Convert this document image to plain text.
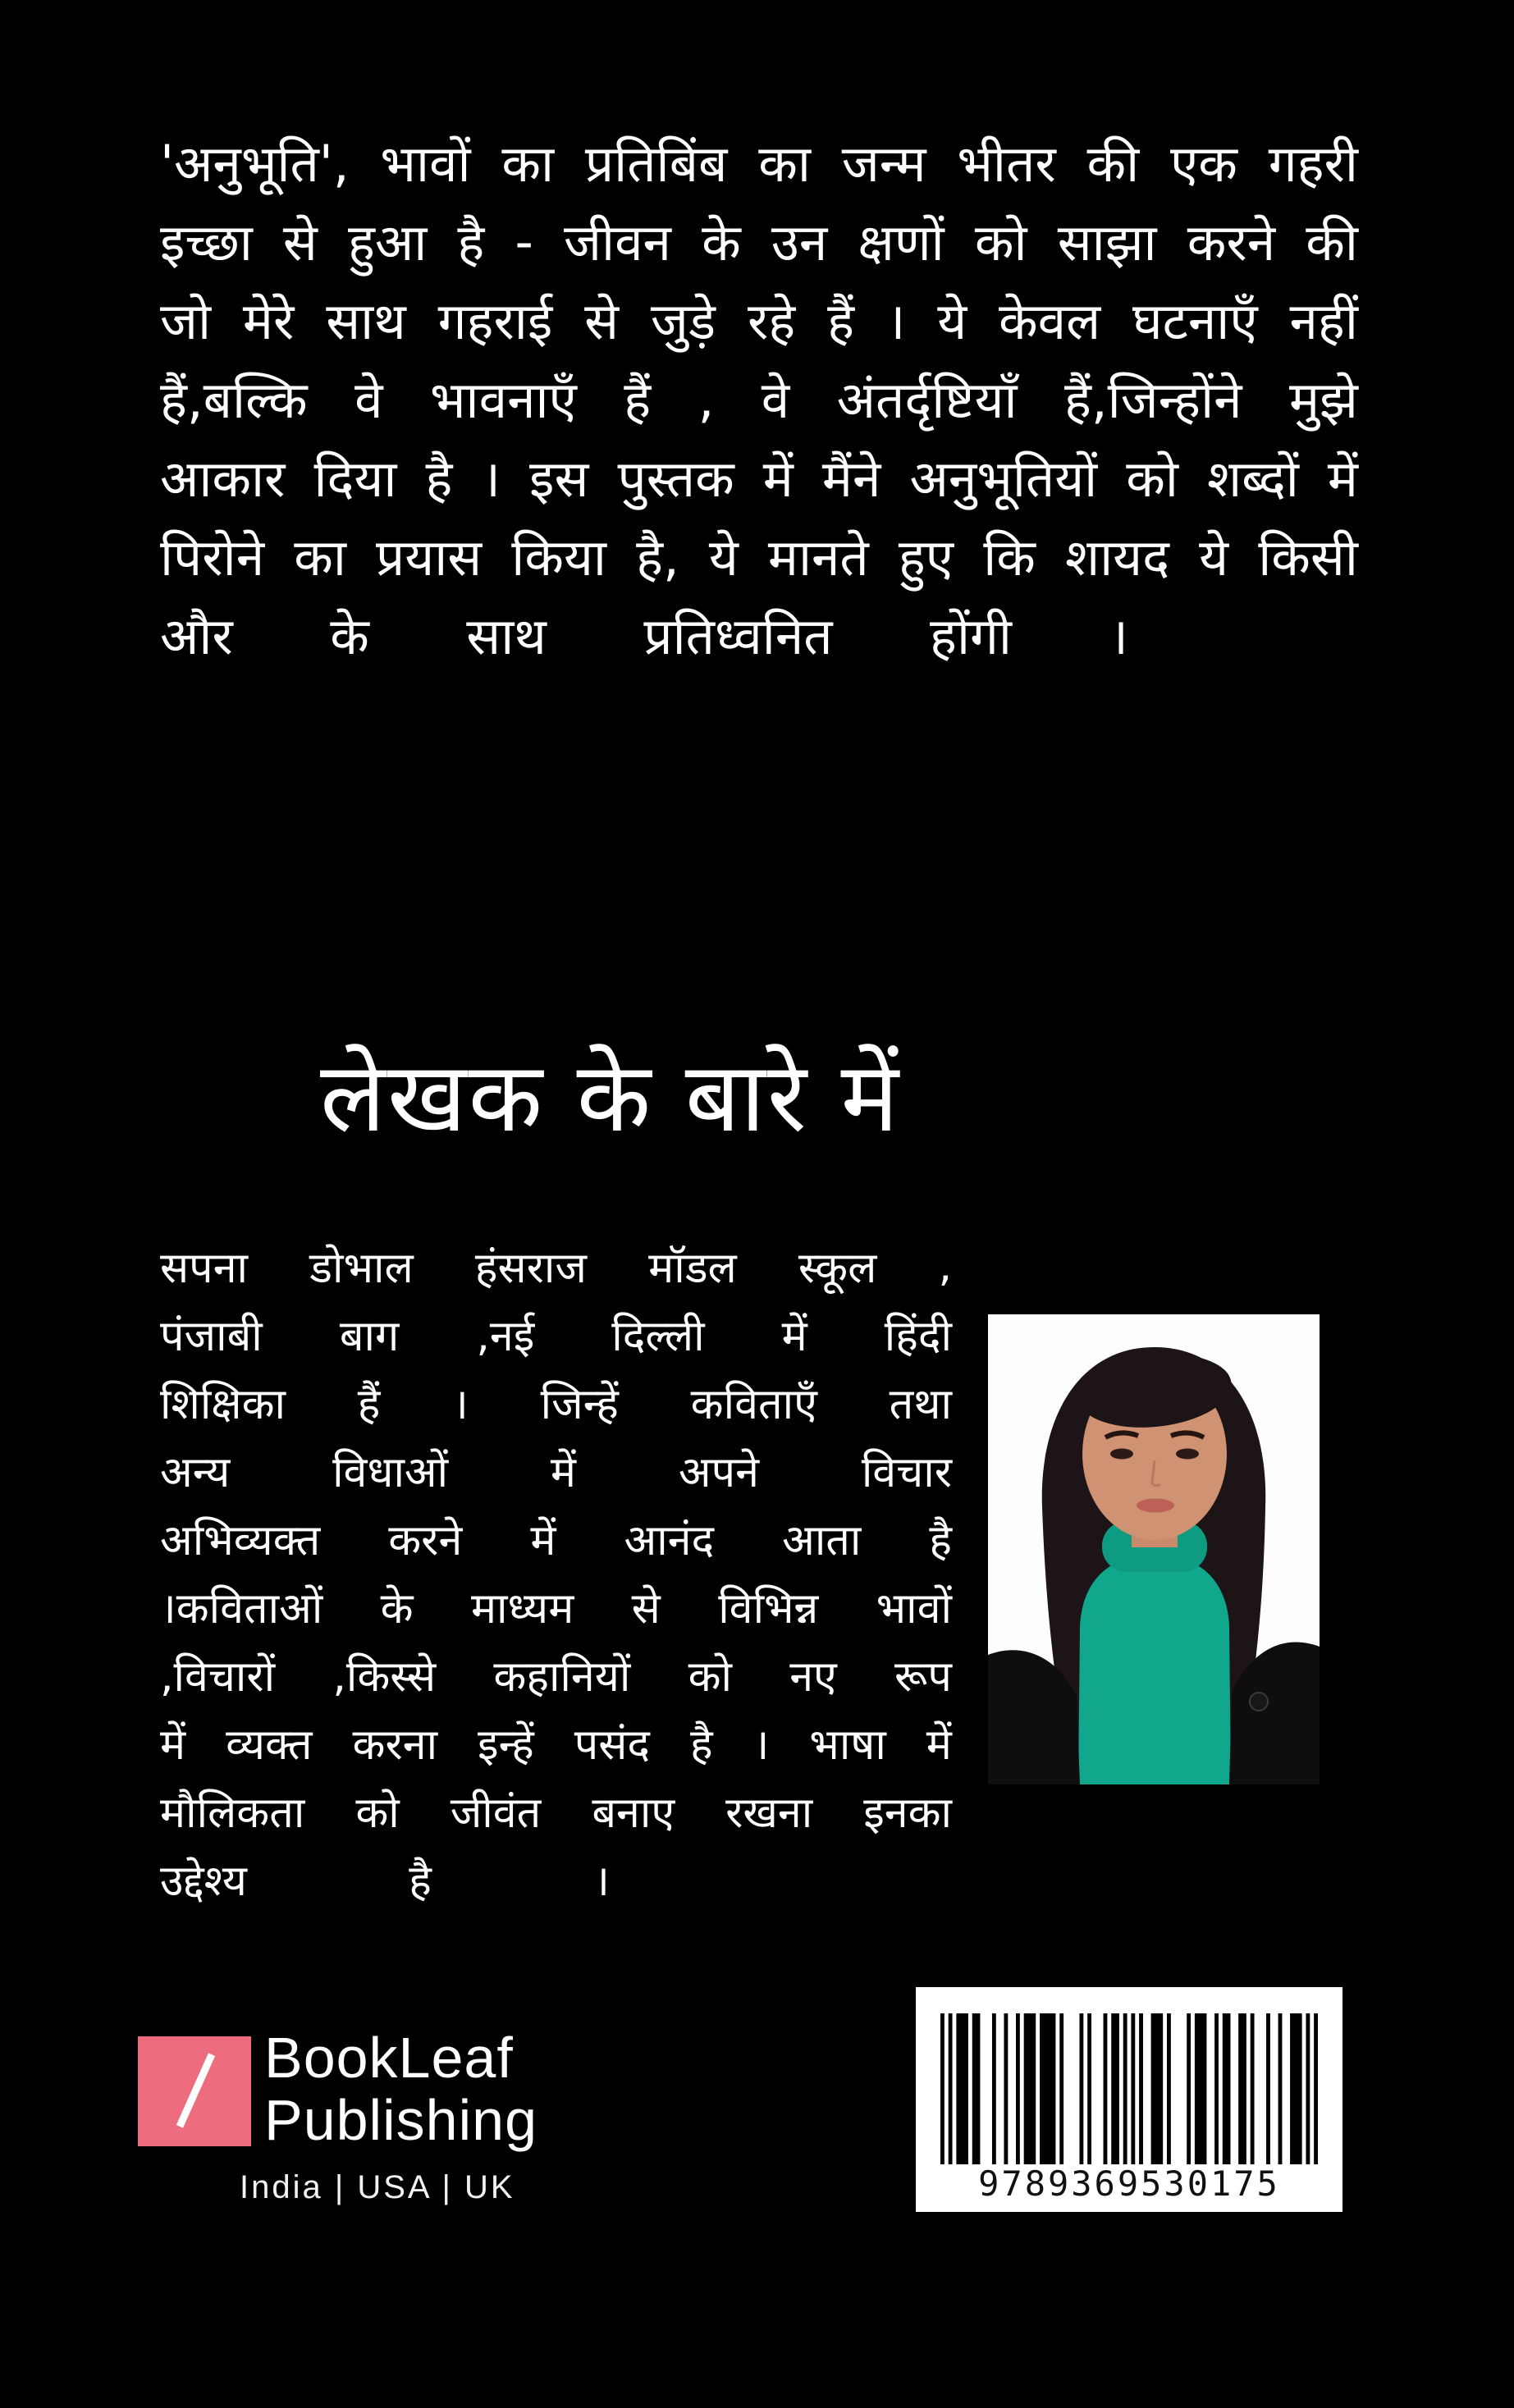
'अनुभूति', भावों का प्रतिबिंब का जन्म भीतर की एक गहरी
इच्छा से हुआ है - जीवन के उन क्षणों को साझा करने की
जो मेरे साथ गहराई से जुड़े रहे हैं । ये केवल घटनाएँ नहीं
हैं,बल्कि वे भावनाएँ हैं , वे अंतर्दृष्टियाँ हैं,जिन्होंने मुझे
आकार दिया है । इस पुस्तक में मैंने अनुभूतियों को शब्दों में
पिरोने का प्रयास किया है, ये मानते हुए कि शायद ये किसी
और के साथ प्रतिध्वनित होंगी ।
लेखक के बारे में
सपना डोभाल हंसराज मॉडल स्कूल ,
पंजाबी बाग ,नई दिल्ली में हिंदी
शिक्षिका हैं । जिन्हें कविताएँ तथा
अन्य विधाओं में अपने विचार
अभिव्यक्त करने में आनंद आता है
।कविताओं के माध्यम से विभिन्न भावों
,विचारों ,किस्से कहानियों को नए रूप
में व्यक्त करना इन्हें पसंद है । भाषा में
मौलिकता को जीवंत बनाए रखना इनका
उद्देश्य	है	।
BookLeaf
Publishing
India | USA | UK	9789369530175
